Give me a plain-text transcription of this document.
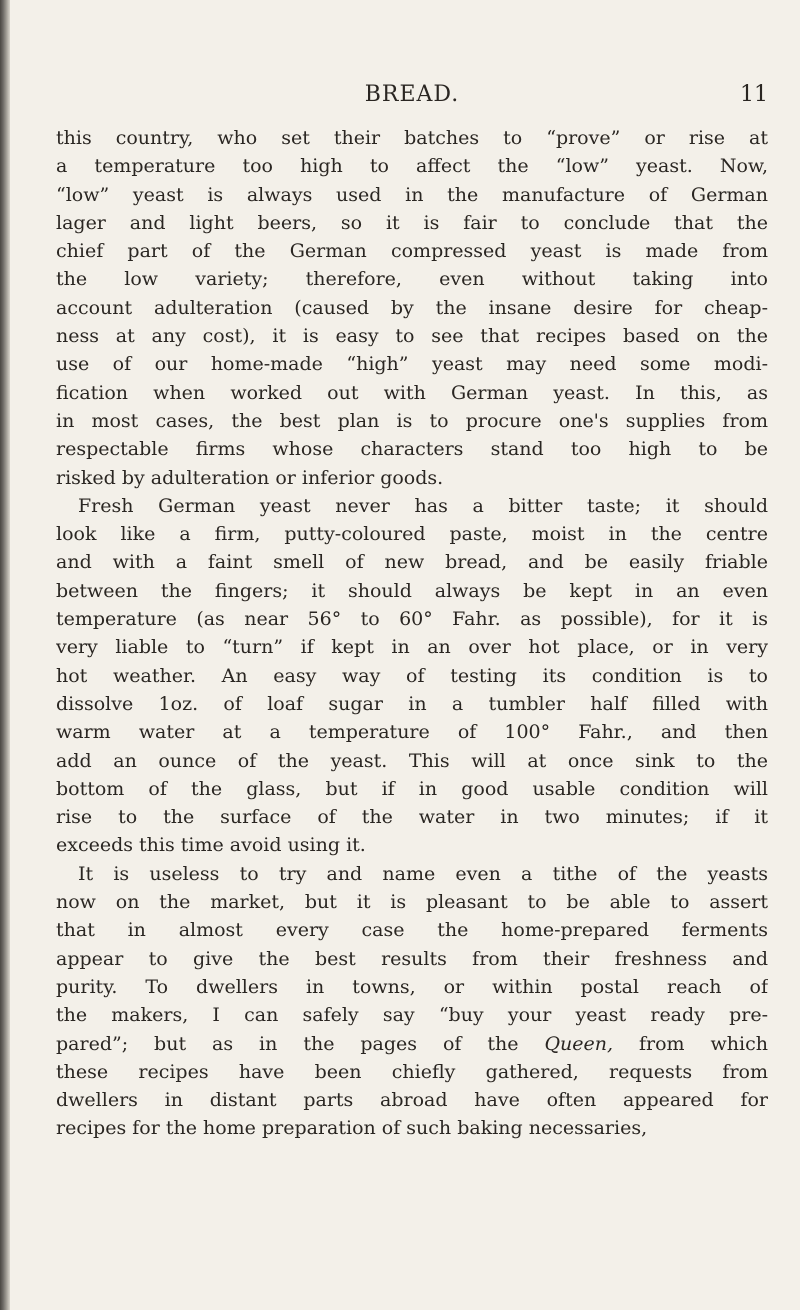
BREAD.	11
this country, who set their batches to “prove” or rise at
a temperature too high to affect the “low” yeast. Now,
“low” yeast is always used in the manufacture of German
lager and light beers, so it is fair to conclude that the
chief part of the German compressed yeast is made from
the low variety; therefore, even without taking into
account adulteration (caused by the insane desire for cheap-
ness at any cost), it is easy to see that recipes based on the
use of our home-made “high” yeast may need some modi-
fication when worked out with German yeast. In this, as
in most cases, the best plan is to procure one's supplies from
respectable firms whose characters stand too high to be
risked by adulteration or inferior goods.
Fresh German yeast never has a bitter taste; it should
look like a firm, putty-coloured paste, moist in the centre
and with a faint smell of new bread, and be easily friable
between the fingers; it should always be kept in an even
temperature (as near 56° to 60° Fahr. as possible), for it is
very liable to “turn” if kept in an over hot place, or in very
hot weather. An easy way of testing its condition is to
dissolve 1oz. of loaf sugar in a tumbler half filled with
warm water at a temperature of 100° Fahr., and then
add an ounce of the yeast. This will at once sink to the
bottom of the glass, but if in good usable condition will
rise to the surface of the water in two minutes; if it
exceeds this time avoid using it.
It is useless to try and name even a tithe of the yeasts
now on the market, but it is pleasant to be able to assert
that in almost every case the home-prepared ferments
appear to give the best results from their freshness and
purity. To dwellers in towns, or within postal reach of
the makers, I can safely say “buy your yeast ready pre-
pared”; but as in the pages of the Queen, from which
these recipes have been chiefly gathered, requests from
dwellers in distant parts abroad have often appeared for
recipes for the home preparation of such baking necessaries,
